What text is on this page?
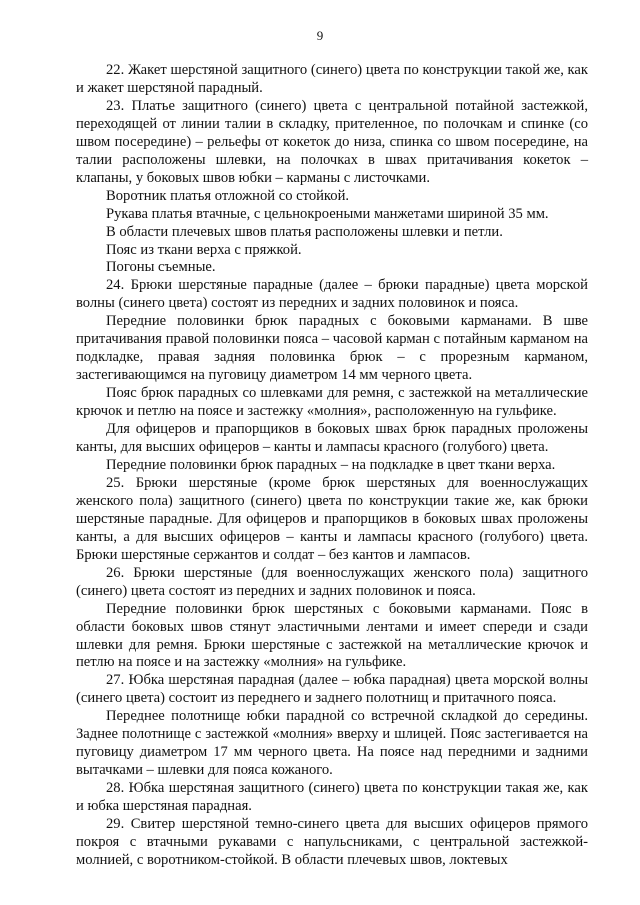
9

22. Жакет шерстяной защитного (синего) цвета по конструкции такой же, как и жакет шерстяной парадный.

23. Платье защитного (синего) цвета с центральной потайной застежкой, переходящей от линии талии в складку, прителенное, по полочкам и спинке (со швом посередине) – рельефы от кокеток до низа, спинка со швом посередине, на талии расположены шлевки, на полочках в швах притачивания кокеток – клапаны, у боковых швов юбки – карманы с листочками.

Воротник платья отложной со стойкой.

Рукава платья втачные, с цельнокроеными манжетами шириной 35 мм.

В области плечевых швов платья расположены шлевки и петли.

Пояс из ткани верха с пряжкой.

Погоны съемные.

24. Брюки шерстяные парадные (далее – брюки парадные) цвета морской волны (синего цвета) состоят из передних и задних половинок и пояса.

Передние половинки брюк парадных с боковыми карманами. В шве притачивания правой половинки пояса – часовой карман с потайным карманом на подкладке, правая задняя половинка брюк – с прорезным карманом, застегивающимся на пуговицу диаметром 14 мм черного цвета.

Пояс брюк парадных со шлевками для ремня, с застежкой на металлические крючок и петлю на поясе и застежку «молния», расположенную на гульфике.

Для офицеров и прапорщиков в боковых швах брюк парадных проложены канты, для высших офицеров – канты и лампасы красного (голубого) цвета.

Передние половинки брюк парадных – на подкладке в цвет ткани верха.

25. Брюки шерстяные (кроме брюк шерстяных для военнослужащих женского пола) защитного (синего) цвета по конструкции такие же, как брюки шерстяные парадные. Для офицеров и прапорщиков в боковых швах проложены канты, а для высших офицеров – канты и лампасы красного (голубого) цвета. Брюки шерстяные сержантов и солдат – без кантов и лампасов.

26. Брюки шерстяные (для военнослужащих женского пола) защитного (синего) цвета состоят из передних и задних половинок и пояса.

Передние половинки брюк шерстяных с боковыми карманами. Пояс в области боковых швов стянут эластичными лентами и имеет спереди и сзади шлевки для ремня. Брюки шерстяные с застежкой на металлические крючок и петлю на поясе и на застежку «молния» на гульфике.

27. Юбка шерстяная парадная (далее – юбка парадная) цвета морской волны (синего цвета) состоит из переднего и заднего полотнищ и притачного пояса.

Переднее полотнище юбки парадной со встречной складкой до середины. Заднее полотнище с застежкой «молния» вверху и шлицей. Пояс застегивается на пуговицу диаметром 17 мм черного цвета. На поясе над передними и задними вытачками – шлевки для пояса кожаного.

28. Юбка шерстяная защитного (синего) цвета по конструкции такая же, как и юбка шерстяная парадная.

29. Свитер шерстяной темно-синего цвета для высших офицеров прямого покроя с втачными рукавами с напульсниками, с центральной застежкой-молнией, с воротником-стойкой. В области плечевых швов, локтевых
